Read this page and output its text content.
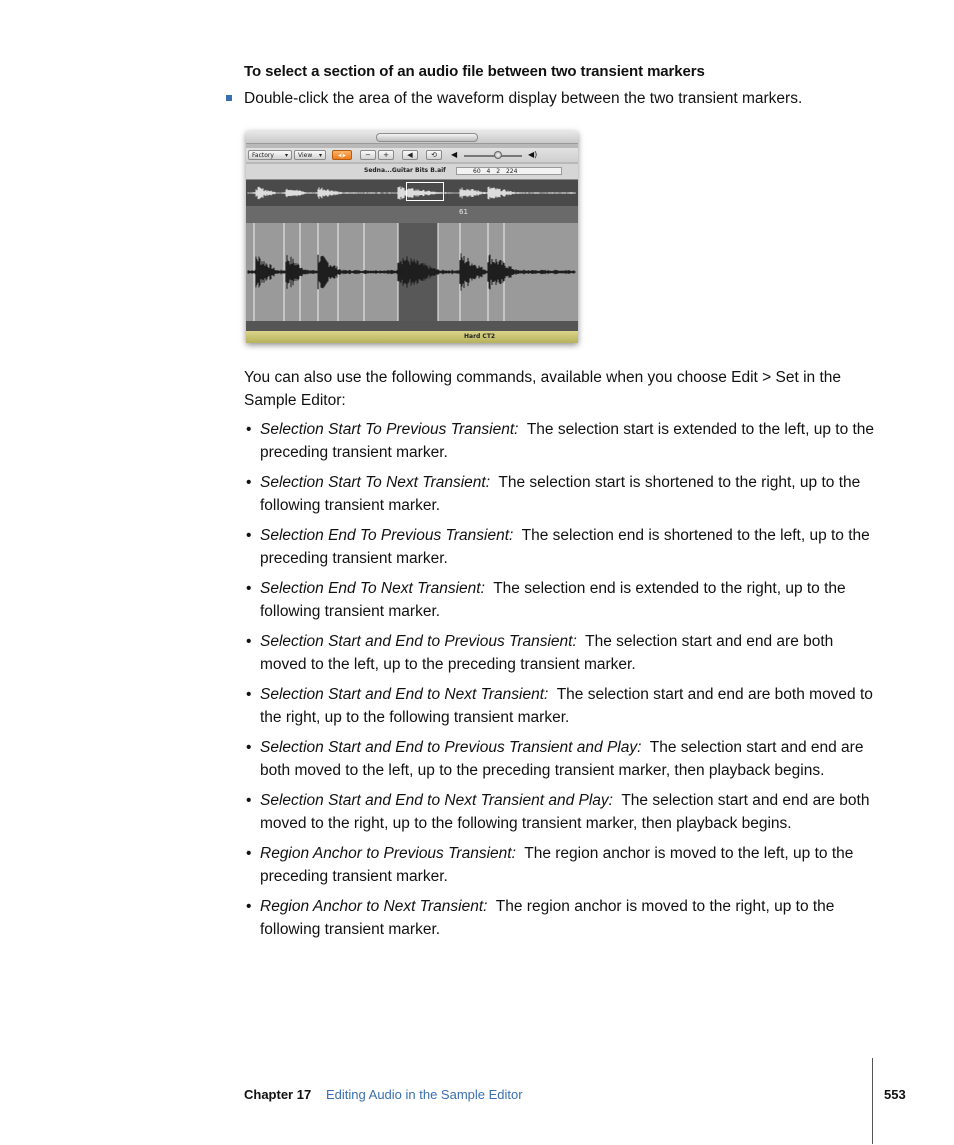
To select a section of an audio file between two transient markers
Double-click the area of the waveform display between the two transient markers.
Factory ▾	View ▾	◂|▸	−	+	◀	⟲	◀	◀)
Sedna...Guitar Bits B.aif	60 4 2 224
61
Hard CT2
You can also use the following commands, available when you choose Edit > Set in the Sample Editor:
• Selection Start To Previous Transient: The selection start is extended to the left, up to the preceding transient marker.
• Selection Start To Next Transient: The selection start is shortened to the right, up to the following transient marker.
• Selection End To Previous Transient: The selection end is shortened to the left, up to the preceding transient marker.
• Selection End To Next Transient: The selection end is extended to the right, up to the following transient marker.
• Selection Start and End to Previous Transient: The selection start and end are both moved to the left, up to the preceding transient marker.
• Selection Start and End to Next Transient: The selection start and end are both moved to the right, up to the following transient marker.
• Selection Start and End to Previous Transient and Play: The selection start and end are both moved to the left, up to the preceding transient marker, then playback begins.
• Selection Start and End to Next Transient and Play: The selection start and end are both moved to the right, up to the following transient marker, then playback begins.
• Region Anchor to Previous Transient: The region anchor is moved to the left, up to the preceding transient marker.
• Region Anchor to Next Transient: The region anchor is moved to the right, up to the following transient marker.
Chapter 17 Editing Audio in the Sample Editor	553
